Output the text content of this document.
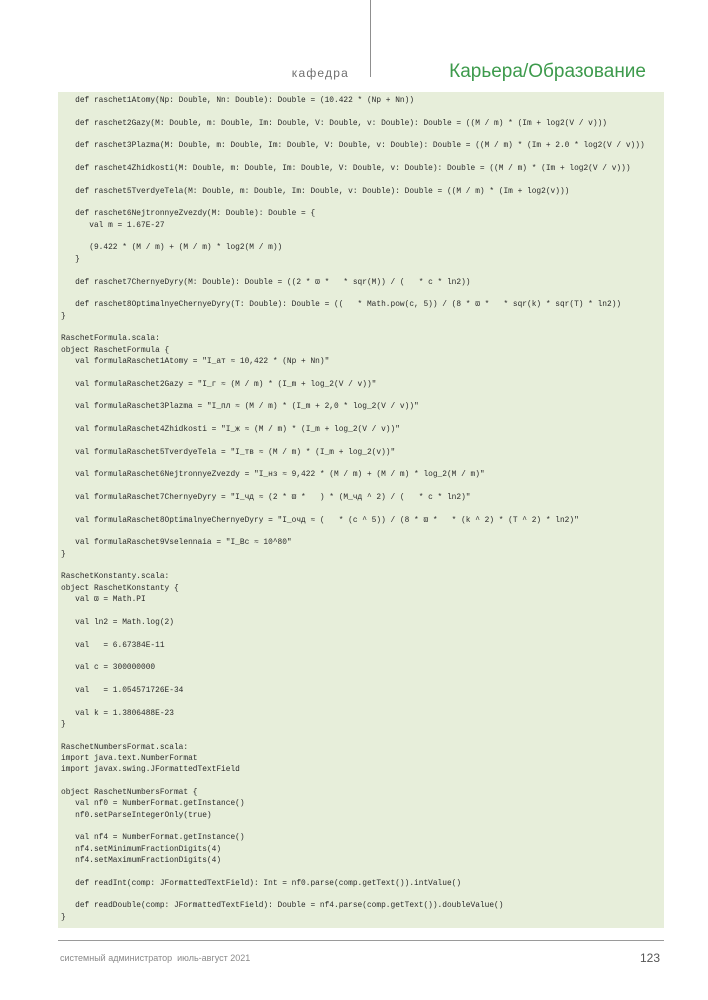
кафедра	Карьера/Образование
def raschet1Atomy(Np: Double, Nn: Double): Double = (10.422 * (Np + Nn))
def raschet2Gazy(M: Double, m: Double, Im: Double, V: Double, v: Double): Double = ((M / m) * (Im + log2(V / v)))
def raschet3Plazma(M: Double, m: Double, Im: Double, V: Double, v: Double): Double = ((M / m) * (Im + 2.0 * log2(V / v)))
def raschet4Zhidkosti(M: Double, m: Double, Im: Double, V: Double, v: Double): Double = ((M / m) * (Im + log2(V / v)))
def raschet5TverdyeTela(M: Double, m: Double, Im: Double, v: Double): Double = ((M / m) * (Im + log2(v)))
def raschet6NejtronnyeZvezdy(M: Double): Double = {
val m = 1.67E-27
(9.422 * (M / m) + (M / m) * log2(M / m))
}
def raschet7ChernyeDyry(M: Double): Double = ((2 * ϖ *   * sqr(M)) / (   * c * ln2))
def raschet8OptimalnyeChernyeDyry(T: Double): Double = ((   * Math.pow(c, 5)) / (8 * ϖ *   * sqr(k) * sqr(T) * ln2))
}
RaschetFormula.scala:
object RaschetFormula {
val formulaRaschet1Atomy = "I_ат ≈ 10,422 * (Np + Nn)"
val formulaRaschet2Gazy = "I_г ≈ (M / m) * (I_m + log_2(V / v))"
val formulaRaschet3Plazma = "I_пл ≈ (M / m) * (I_m + 2,0 * log_2(V / v))"
val formulaRaschet4Zhidkosti = "I_ж ≈ (M / m) * (I_m + log_2(V / v))"
val formulaRaschet5TverdyeTela = "I_тв ≈ (M / m) * (I_m + log_2(v))"
val formulaRaschet6NejtronnyeZvezdy = "I_нз ≈ 9,422 * (M / m) + (M / m) * log_2(M / m)"
val formulaRaschet7ChernyeDyry = "I_чд ≈ (2 * ϖ *   ) * (M_чд ^ 2) / (   * c * ln2)"
val formulaRaschet8OptimalnyeChernyeDyry = "I_очд ≈ (   * (c ^ 5)) / (8 * ϖ *   * (k ^ 2) * (T ^ 2) * ln2)"
val formulaRaschet9Vselennaia = "I_Вс ≈ 10^80"
}
RaschetKonstanty.scala:
object RaschetKonstanty {
val ϖ = Math.PI
val ln2 = Math.log(2)
val   = 6.67384E-11
val c = 300000000
val   = 1.054571726E-34
val k = 1.3806488E-23
}
RaschetNumbersFormat.scala:
import java.text.NumberFormat
import javax.swing.JFormattedTextField
object RaschetNumbersFormat {
val nf0 = NumberFormat.getInstance()
nf0.setParseIntegerOnly(true)
val nf4 = NumberFormat.getInstance()
nf4.setMinimumFractionDigits(4)
nf4.setMaximumFractionDigits(4)
def readInt(comp: JFormattedTextField): Int = nf0.parse(comp.getText()).intValue()
def readDouble(comp: JFormattedTextField): Double = nf4.parse(comp.getText()).doubleValue()
}
системный администратор июль-август 2021	123
